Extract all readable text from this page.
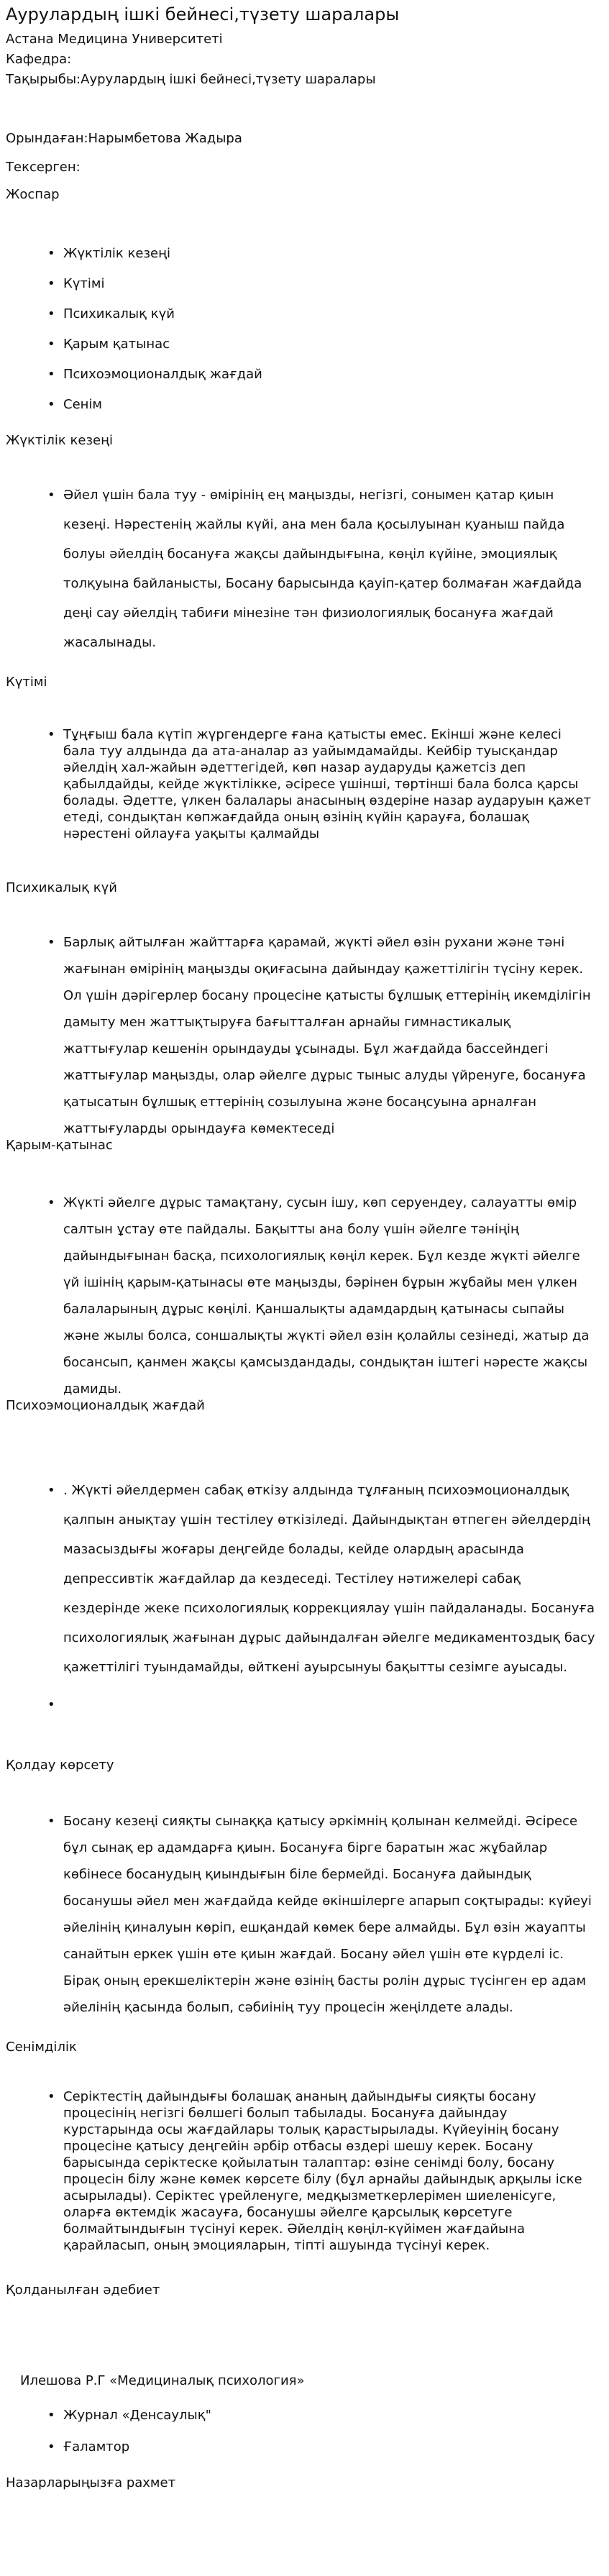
Аурулардың ішкі бейнесі,түзету шаралары
Астана Медицина Университеті
Кафедра:
Тақырыбы:Аурулардың ішкі бейнесі,түзету шаралары
Орындаған:Нарымбетова Жадыра
Тексерген:
Жоспар
• Жүктілік кезеңі
• Күтімі
• Психикалық күй
• Қарым қатынас
• Психоэмоционалдық жағдай
• Сенім
Жүктілік кезеңі
• Әйел үшін бала туу - өмірінің ең маңызды, негізгі, сонымен қатар қиын кезеңі. Нәрестенің жайлы күйі, ана мен бала қосылуынан қуаныш пайда болуы әйелдің босануға жақсы дайындығына, көңіл күйіне, эмоциялық толқуына байланысты, Босану барысында қауіп-қатер болмаған жағдайда деңі сау әйелдің табиғи мінезіне тән физиологиялық босануға жағдай жасалынады.
Күтімі
• Тұңғыш бала күтіп жүргендерге ғана қатысты емес. Екінші және келесі бала туу алдында да ата-аналар аз уайымдамайды. Кейбір туысқандар әйелдің хал-жайын әдеттегідей, көп назар аударуды қажетсіз деп қабылдайды, кейде жүктілікке, әсіресе үшінші, төртінші бала болса қарсы болады. Әдетте, үлкен балалары анасының өздеріне назар аударуын қажет етеді, сондықтан көпжағдайда оның өзінің күйін қарауға, болашақ нәрестені ойлауға уақыты қалмайды
Психикалық күй
• Барлық айтылған жайттарға қарамай, жүкті әйел өзін рухани және тәні жағынан өмірінің маңызды оқиғасына дайындау қажеттілігін түсіну керек. Ол үшін дәрігерлер босану процесіне қатысты бұлшық еттерінің икемділігін дамыту мен жаттықтыруға бағытталған арнайы гимнастикалық жаттығулар кешенін орындауды ұсынады. Бұл жағдайда бассейндегі жаттығулар маңызды, олар әйелге дұрыс тыныс алуды үйренуге, босануға қатысатын бұлшық еттерінің созылуына және босаңсуына арналған жаттығуларды орындауға көмектеседі
Қарым-қатынас
• Жүкті әйелге дұрыс тамақтану, сусын ішу, көп серуендеу, салауатты өмір салтын ұстау өте пайдалы. Бақытты ана болу үшін әйелге тәніңің дайындығынан басқа, психологиялық көңіл керек. Бұл кезде жүкті әйелге үй ішінің қарым-қатынасы өте маңызды, бәрінен бұрын жұбайы мен үлкен балаларының дұрыс көңілі. Қаншалықты адамдардың қатынасы сыпайы және жылы болса, соншалықты жүкті әйел өзін қолайлы сезінеді, жатыр да босансып, қанмен жақсы қамсыздандады, сондықтан іштегі нәресте жақсы дамиды.
Психоэмоционалдық жағдай
• . Жүкті әйелдермен сабақ өткізу алдында тұлғаның психоэмоционалдық қалпын анықтау үшін тестілеу өткізіледі. Дайындықтан өтпеген әйелдердің мазасыздығы жоғары деңгейде болады, кейде олардың арасында депрессивтік жағдайлар да кездеседі. Тестілеу нәтижелері сабақ кездерінде жеке психологиялық коррекциялау үшін пайдаланады. Босануға психологиялық жағынан дұрыс дайындалған әйелге медикаментоздық басу қажеттілігі туындамайды, өйткені ауырсынуы бақытты сезімге ауысады.
•
Қолдау көрсету
• Босану кезеңі сияқты сынаққа қатысу әркімнің қолынан келмейді. Әсіресе бұл сынақ ер адамдарға қиын. Босануға бірге баратын жас жұбайлар көбінесе босанудың қиындығын біле бермейді. Босануға дайындық босанушы әйел мен жағдайда кейде өкіншілерге апарып соқтырады: күйеуі әйелінің қиналуын көріп, ешқандай көмек бере алмайды. Бұл өзін жауапты санайтын еркек үшін өте қиын жағдай. Босану әйел үшін өте күрделі іс. Бірақ оның ерекшеліктерін және өзінің басты ролін дұрыс түсінген ер адам әйелінің қасында болып, сәбиінің туу процесін жеңілдете алады.
Сенімділік
• Серіктестің дайындығы болашақ ананың дайындығы сияқты босану процесінің негізгі бөлшегі болып табылады. Босануға дайындау курстарында осы жағдайлары толық қарастырылады. Күйеуінің босану процесіне қатысу деңгейін әрбір отбасы өздері шешу керек. Босану барысында серіктеске қойылатын талаптар: өзіне сенімді болу, босану процесін білу және көмек көрсете білу (бұл арнайы дайындық арқылы іске асырылады). Серіктес үрейленуге, медқызметкерлерімен шиеленісуге, оларға өктемдік жасауға, босанушы әйелге қарсылық көрсетуге болмайтындығын түсінуі керек. Әйелдің көңіл-күйімен жағдайына қарайласып, оның эмоцияларын, тіпті ашуында түсінуі керек.
Қолданылған әдебиет
Илешова Р.Г «Медициналық психология»
• Журнал «Денсаулық"
• Ғаламтор
Назарларыңызға рахмет
